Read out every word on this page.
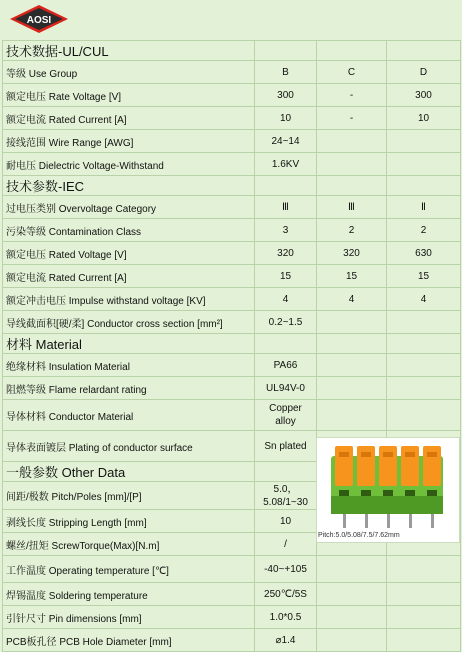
AOSI
技术数据-UL/CUL			
等级 Use Group	B	C	D
额定电压 Rate Voltage [V]	300	-	300
额定电流 Rated Current [A]	10	-	10
接线范围 Wire Range [AWG]	24~14		
耐电压 Dielectric Voltage-Withstand	1.6KV		
技术参数-IEC			
过电压类别 Overvoltage Category	Ⅲ	Ⅲ	Ⅱ
污染等级 Contamination Class	3	2	2
额定电压 Rated Voltage [V]	320	320	630
额定电流 Rated Current [A]	15	15	15
额定冲击电压 Impulse withstand voltage [KV]	4	4	4
导线截面积[硬/柔] Conductor cross section [mm²]	0.2~1.5		
材料 Material			
绝缘材料 Insulation Material	PA66		
阻燃等级 Flame relardant rating	UL94V-0		
导体材料 Conductor Material	Copper alloy		
导体表面镀层 Plating of conductor surface	Sn plated		
一般参数 Other Data			
间距/极数 Pitch/Poles [mm]/[P]	5.0，5.08/1~30		
剥线长度 Stripping Length [mm]	10		
螺丝/扭矩 ScrewTorque(Max)[N.m]	/		
工作温度 Operating temperature [℃]	-40~+105		
焊锡温度 Soldering temperature	250℃/5S		
引针尺寸 Pin dimensions [mm]	1.0*0.5		
PCB板孔径 PCB Hole Diameter [mm]	⌀1.4		
Pitch:5.0/5.08/7.5/7.62mm
